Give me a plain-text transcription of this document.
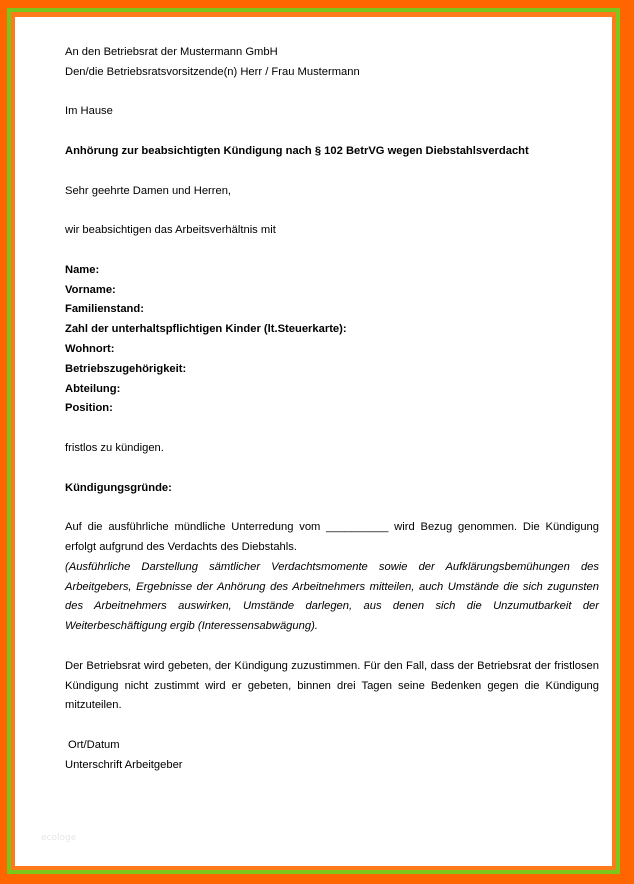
An den Betriebsrat der Mustermann GmbH
Den/die Betriebsratsvorsitzende(n) Herr / Frau Mustermann
Im Hause
Anhörung zur beabsichtigten Kündigung nach § 102 BetrVG wegen Diebstahlsverdacht
Sehr geehrte Damen und Herren,
wir beabsichtigen das Arbeitsverhältnis mit
Name:
Vorname:
Familienstand:
Zahl der unterhaltspflichtigen Kinder (lt.Steuerkarte):
Wohnort:
Betriebszugehörigkeit:
Abteilung:
Position:
fristlos zu kündigen.
Kündigungsgründe:
Auf die ausführliche mündliche Unterredung vom __________ wird Bezug genommen. Die Kündigung erfolgt aufgrund des Verdachts des Diebstahls.
(Ausführliche Darstellung sämtlicher Verdachtsmomente sowie der Aufklärungsbemühungen des Arbeitgebers, Ergebnisse der Anhörung des Arbeitnehmers mitteilen, auch Umstände die sich zugunsten des Arbeitnehmers auswirken, Umstände darlegen, aus denen sich die Unzumutbarkeit der Weiterbeschäftigung ergib (Interessensabwägung).
Der Betriebsrat wird gebeten, der Kündigung zuzustimmen. Für den Fall, dass der Betriebsrat der fristlosen Kündigung nicht zustimmt wird er gebeten, binnen drei Tagen seine Bedenken gegen die Kündigung mitzuteilen.
Ort/Datum
Unterschrift Arbeitgeber
ecologe
